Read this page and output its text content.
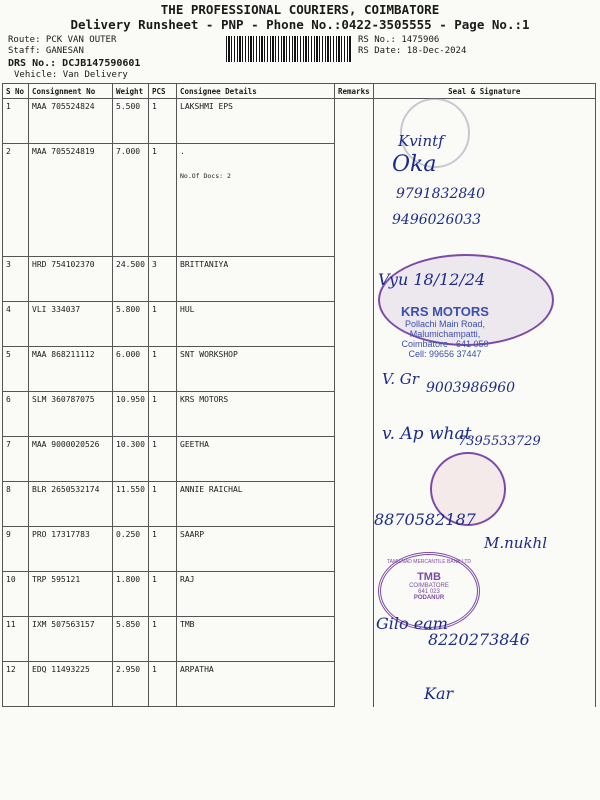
THE PROFESSIONAL COURIERS, COIMBATORE
Delivery Runsheet - PNP - Phone No.:0422-3505555 - Page No.:1
Route: PCK VAN OUTER
Staff: GANESAN
DRS No.: DCJB147590601
Vehicle: Van Delivery
RS No.: 1475906
RS Date: 18-Dec-2024
S No	Consignment No	Weight	PCS	Consignee Details	Remarks	Seal & Signature
1	MAA 705524824	5.500	1	LAKSHMI EPS		
2	MAA 705524819	7.000	1	.
No.Of Docs: 2		

3	HRD 754102370	24.500	3	BRITTANIYA		
4	VLI 334037	5.800	1	HUL		
5	MAA 868211112	6.000	1	SNT WORKSHOP		
6	SLM 360787075	10.950	1	KRS MOTORS		
7	MAA 9000020526	10.300	1	GEETHA		
8	BLR 2650532174	11.550	1	ANNIE RAICHAL		
9	PRO 17317783	0.250	1	SAARP		
10	TRP 595121	1.800	1	RAJ		
11	IXM 507563157	5.850	1	TMB		
12	EDQ 11493225	2.950	1	ARPATHA		
Kvintf
Oka
9791832840
9496026033
Vyu 18/12/24
KRS MOTORS
Pollachi Main Road,
Malumichampatti,
Coimbatore - 641 050
Cell: 99656 37447
V. Gr 9003986960
v. Ap what
7395533729
8870582187
M.nukhl
TAMILNAD MERCANTILE BANK LTD
TMB
COIMBATORE
641 023
PODANUR
Gilo eam
8220273846
Kar
